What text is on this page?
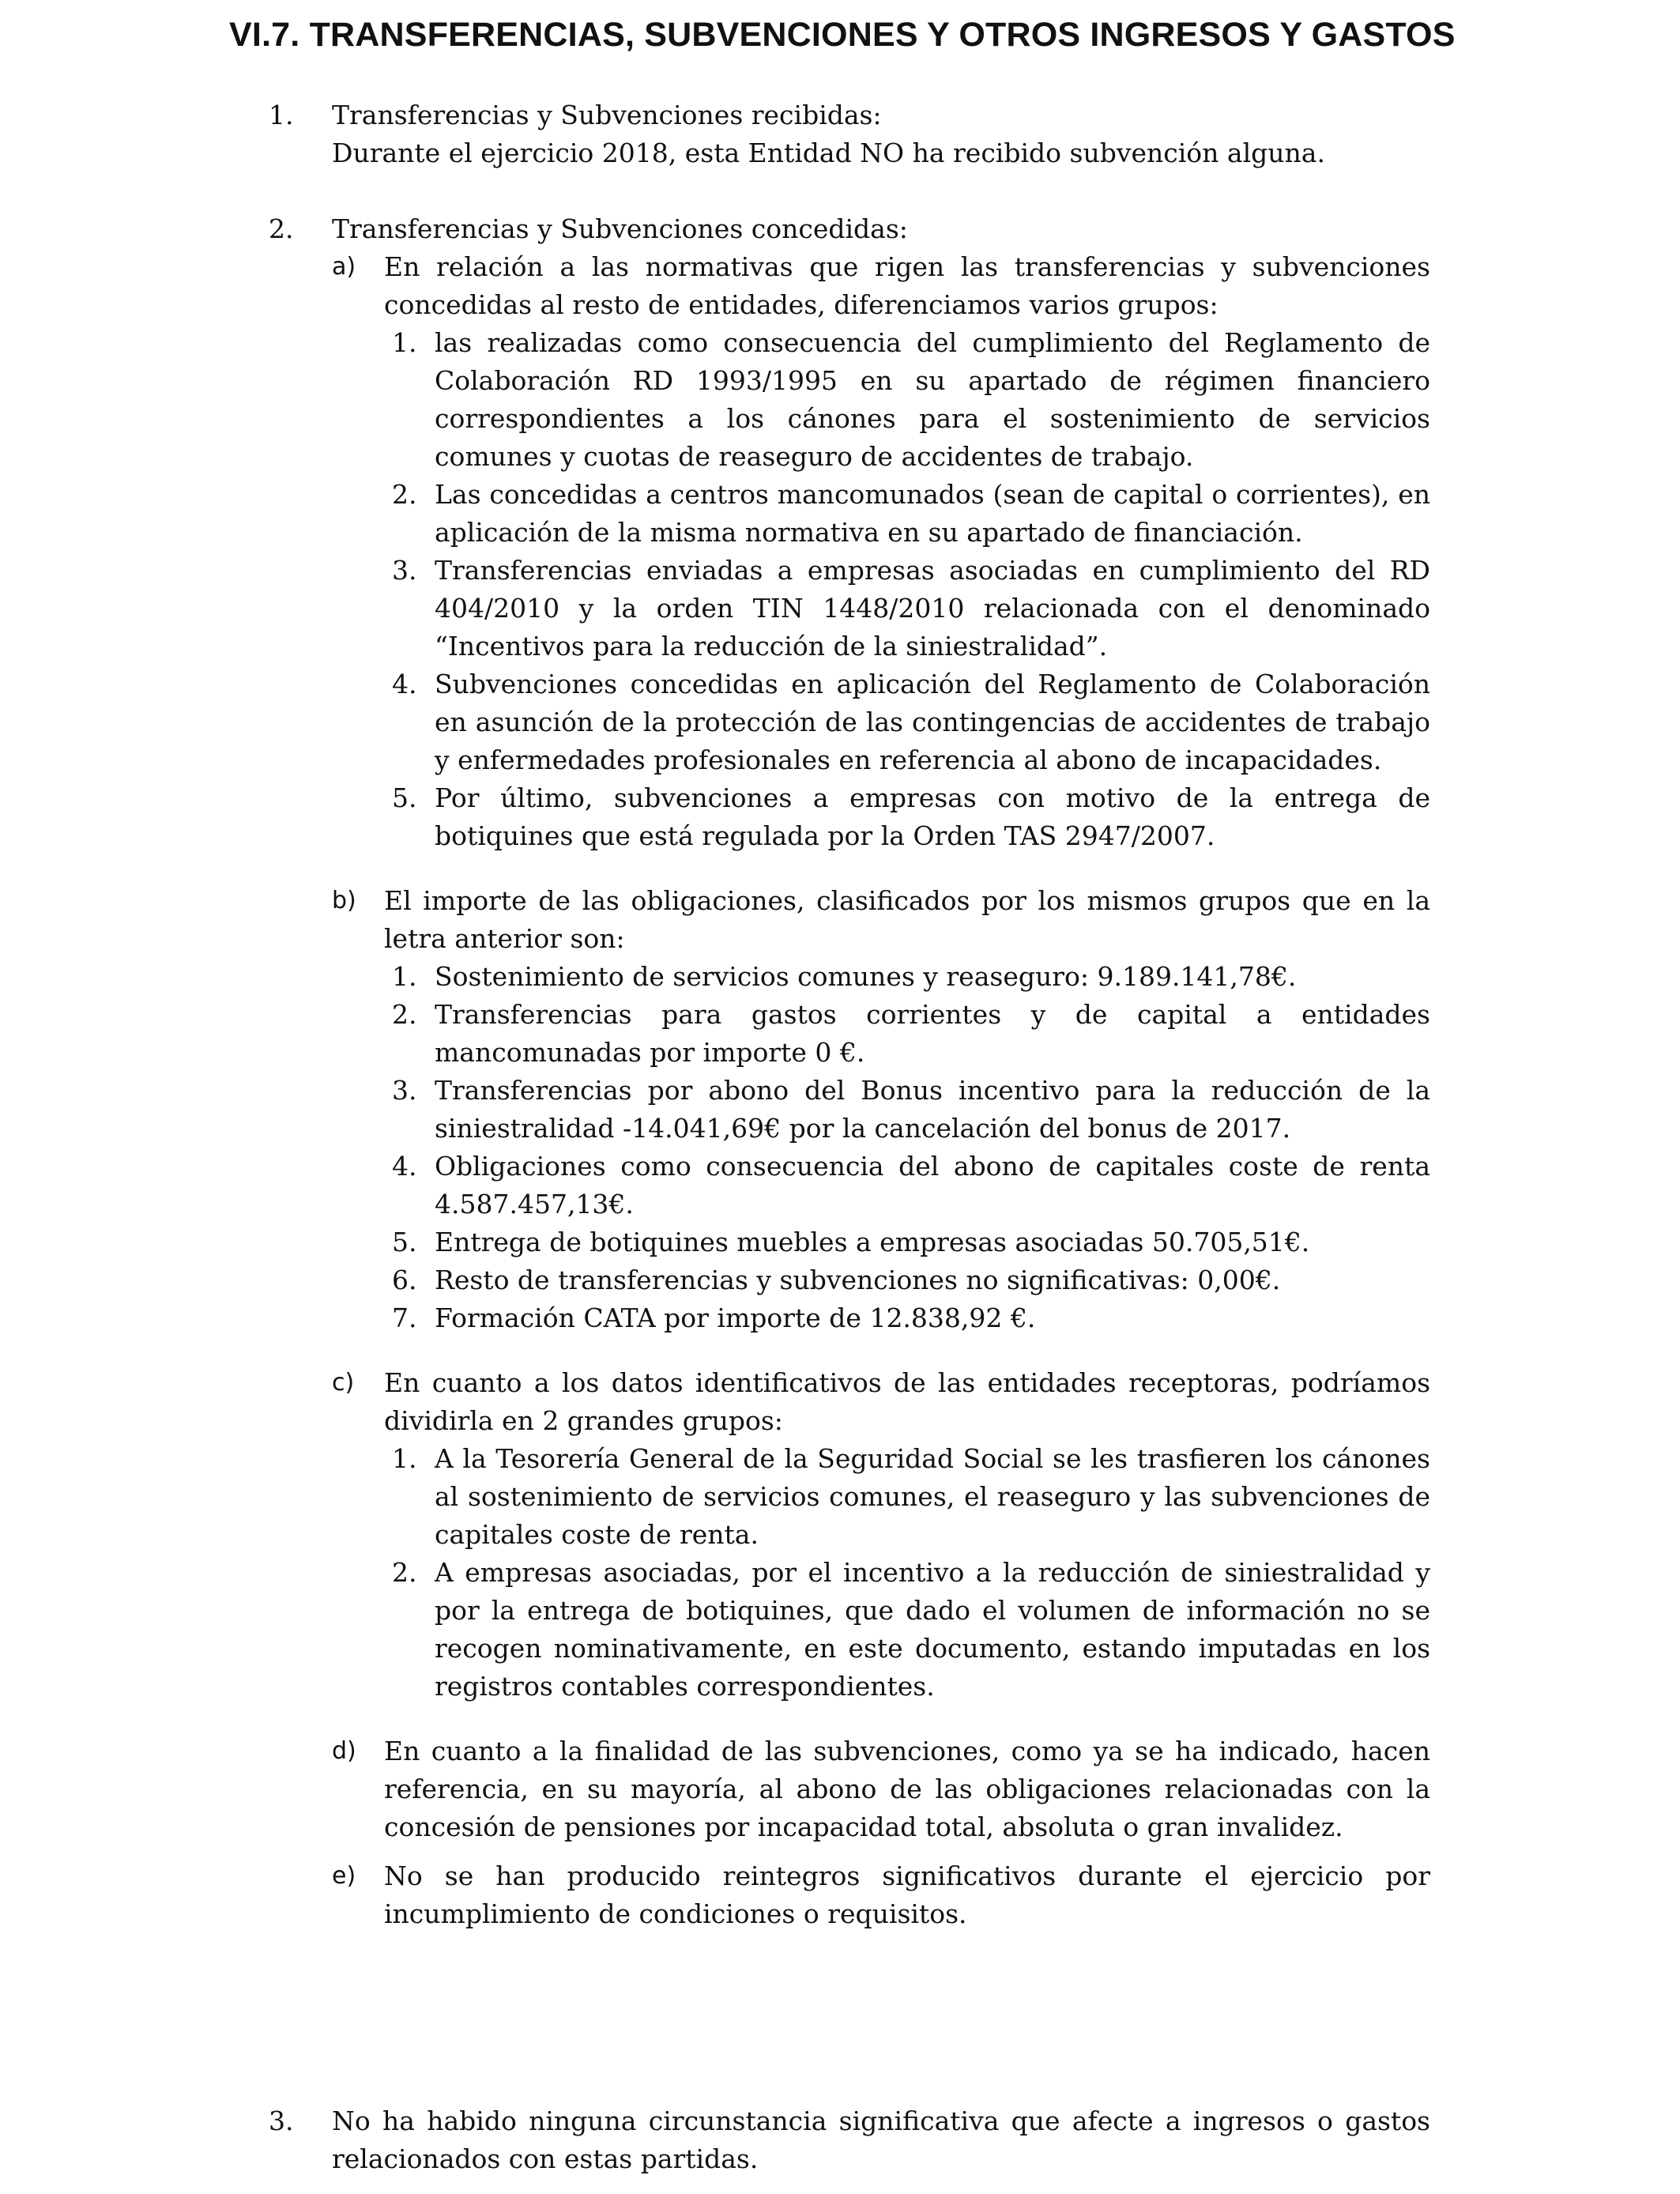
VI.7. TRANSFERENCIAS, SUBVENCIONES Y OTROS INGRESOS Y GASTOS
1. Transferencias y Subvenciones recibidas:
Durante el ejercicio 2018, esta Entidad NO ha recibido subvención alguna.
2. Transferencias y Subvenciones concedidas:
a) En relación a las normativas que rigen las transferencias y subvenciones concedidas al resto de entidades, diferenciamos varios grupos:

1. las realizadas como consecuencia del cumplimiento del Reglamento de Colaboración RD 1993/1995 en su apartado de régimen financiero correspondientes a los cánones para el sostenimiento de servicios comunes y cuotas de reaseguro de accidentes de trabajo.

2. Las concedidas a centros mancomunados (sean de capital o corrientes), en aplicación de la misma normativa en su apartado de financiación.

3. Transferencias enviadas a empresas asociadas en cumplimiento del RD 404/2010 y la orden TIN 1448/2010 relacionada con el denominado “Incentivos para la reducción de la siniestralidad”.

4. Subvenciones concedidas en aplicación del Reglamento de Colaboración en asunción de la protección de las contingencias de accidentes de trabajo y enfermedades profesionales en referencia al abono de incapacidades.

5. Por último, subvenciones a empresas con motivo de la entrega de botiquines que está regulada por la Orden TAS 2947/2007.

b) El importe de las obligaciones, clasificados por los mismos grupos que en la letra anterior son:

1. Sostenimiento de servicios comunes y reaseguro: 9.189.141,78€.

2. Transferencias para gastos corrientes y de capital a entidades mancomunadas por importe 0 €.

3. Transferencias por abono del Bonus incentivo para la reducción de la siniestralidad -14.041,69€ por la cancelación del bonus de 2017.

4. Obligaciones como consecuencia del abono de capitales coste de renta 4.587.457,13€.

5. Entrega de botiquines muebles a empresas asociadas 50.705,51€.

6. Resto de transferencias y subvenciones no significativas: 0,00€.

7. Formación CATA por importe de 12.838,92 €.

c) En cuanto a los datos identificativos de las entidades receptoras, podríamos dividirla en 2 grandes grupos:

1. A la Tesorería General de la Seguridad Social se les trasfieren los cánones al sostenimiento de servicios comunes, el reaseguro y las subvenciones de capitales coste de renta.

2. A empresas asociadas, por el incentivo a la reducción de siniestralidad y por la entrega de botiquines, que dado el volumen de información no se recogen nominativamente, en este documento, estando imputadas en los registros contables correspondientes.

d) En cuanto a la finalidad de las subvenciones, como ya se ha indicado, hacen referencia, en su mayoría, al abono de las obligaciones relacionadas con la concesión de pensiones por incapacidad total, absoluta o gran invalidez.

e) No se han producido reintegros significativos durante el ejercicio por incumplimiento de condiciones o requisitos.

3. No ha habido ninguna circunstancia significativa que afecte a ingresos o gastos relacionados con estas partidas.
